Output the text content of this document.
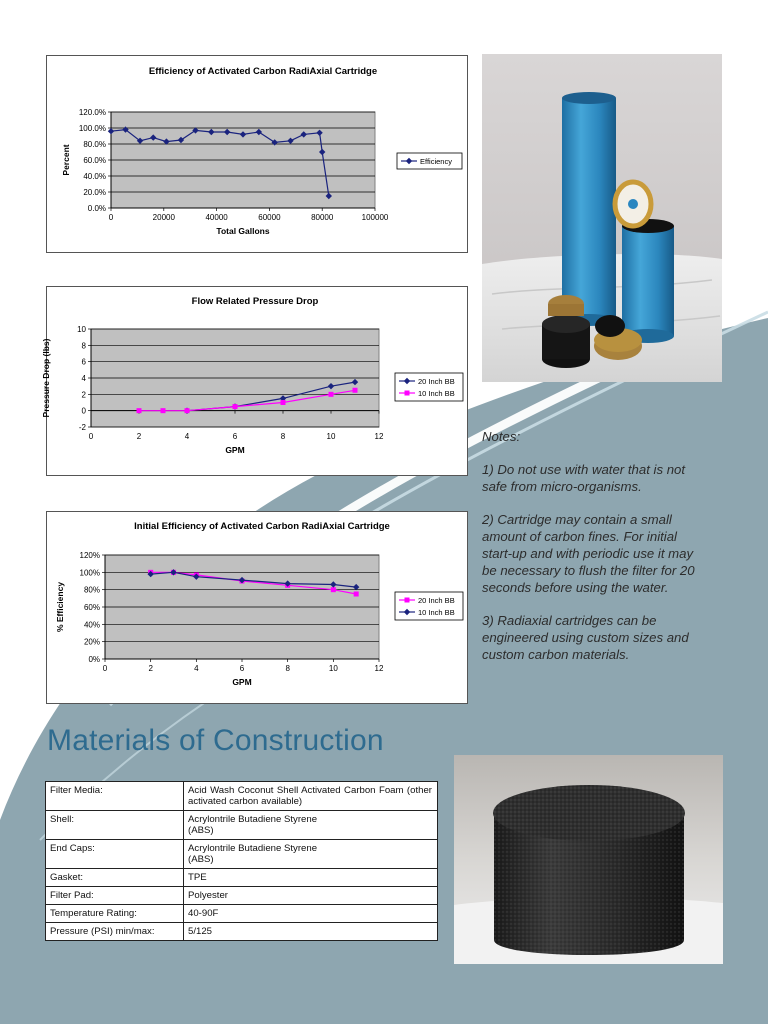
Efficiency of Activated Carbon RadiAxial Cartridge
0.0%
20.0%
40.0%
60.0%
80.0%
100.0%
120.0%
0	20000	40000	60000	80000	100000
Total Gallons
Percent	Efficiency
Flow Related Pressure Drop
-2
0
2
4
6
8
10
0	2	4	6	8	10	12
GPM
Pressure Drop (lbs)	20 Inch BB
10 Inch BB
Initial Efficiency of Activated Carbon RadiAxial Cartridge
0%
20%
40%
60%
80%
100%
120%
0	2	4	6	8	10	12
GPM
% Efficiency	20 Inch BB
10 Inch BB

Notes:

1) Do not use with water that is not
safe from micro-organisms.

2) Cartridge may contain a small
amount of carbon fines. For initial
start-up and with periodic use it may
be necessary to flush the filter for 20
seconds before using the water.

3) Radiaxial cartridges can be
engineered using custom sizes and
custom carbon materials.

Materials of Construction
Filter Media:	Acid Wash Coconut Shell Activated Carbon Foam (other activated carbon available)
Shell:	Acrylontrile Butadiene Styrene
(ABS)
End Caps:	Acrylontrile Butadiene Styrene
(ABS)
Gasket:	TPE
Filter Pad:	Polyester
Temperature Rating:	40-90F
Pressure (PSI) min/max:	5/125
